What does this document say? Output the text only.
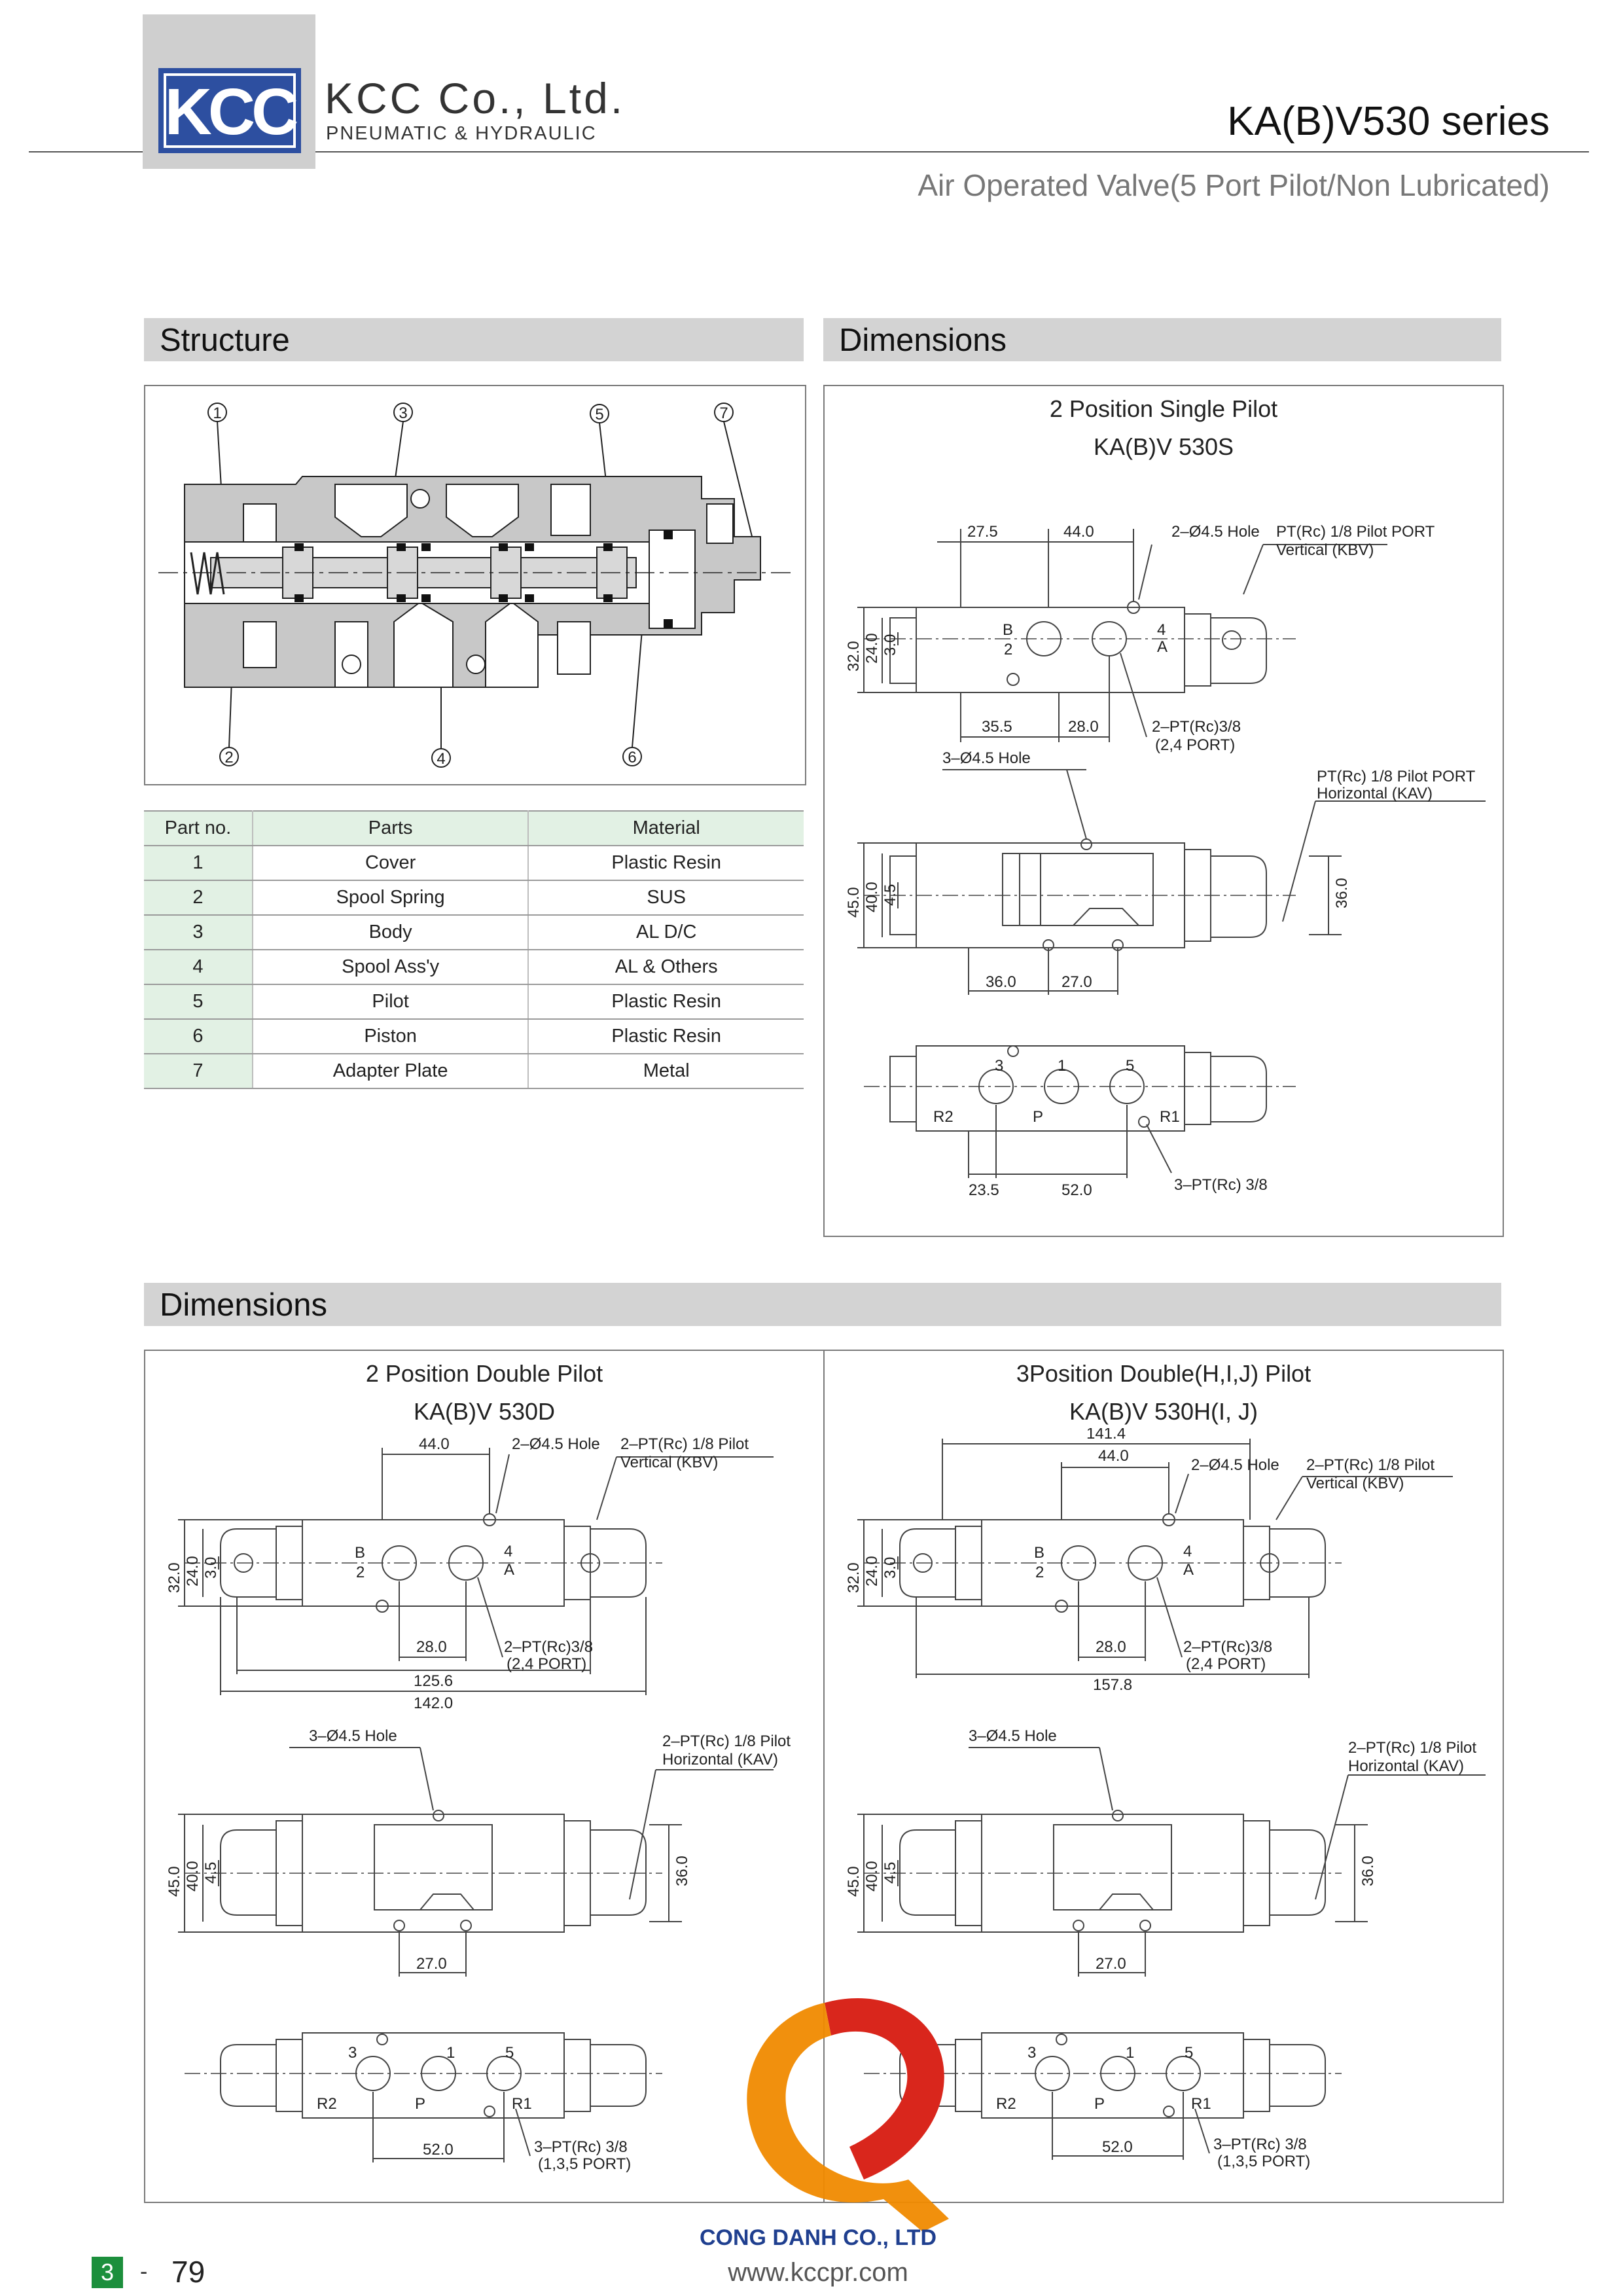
KCC KCC Co., Ltd.
PNEUMATIC & HYDRAULIC	KA(B)V530 series
Air Operated Valve(5 Port Pilot/Non Lubricated)
Structure
1	3	5	7
2	4	6
Part no.	Parts	Material
1	Cover	Plastic Resin
2	Spool Spring	SUS
3	Body	AL D/C
4	Spool Ass'y	AL & Others
5	Pilot	Plastic Resin
6	Piston	Plastic Resin
7	Adapter Plate	Metal
Dimensions
2 Position Single Pilot
KA(B)V 530S
27.5	44.0	2–Ø4.5 Hole PT(Rc) 1/8 Pilot PORT
Vertical (KBV)
32.0 24.0 3.0
B
2
4
A
35.5	28.0	2–PT(Rc)3/8
(2,4 PORT)
3–Ø4.5 Hole
PT(Rc) 1/8 Pilot PORT
Horizontal (KAV)
45.0 40.0 4.5	36.0
36.0	27.0
3	1	5
R2	P	R1
23.5	52.0	3–PT(Rc) 3/8
Dimensions
2 Position Double Pilot
KA(B)V 530D
44.0	2–Ø4.5 Hole 2–PT(Rc) 1/8 Pilot
Vertical (KBV)
32.0 24.0 3.0
B
2
4
A
28.0	2–PT(Rc)3/8
(2,4 PORT)
125.6
142.0
3–Ø4.5 Hole	2–PT(Rc) 1/8 Pilot
Horizontal (KAV)
45.0 40.0 4.5	36.0
27.0
3	1	5
R2	P	R1
52.0	3–PT(Rc) 3/8
(1,3,5 PORT)
3Position Double(H,I,J) Pilot
KA(B)V 530H(I, J)
141.4
44.0
2–Ø4.5 Hole 2–PT(Rc) 1/8 Pilot
Vertical (KBV)
32.0 24.0 3.0
B
2
4
A
28.0	2–PT(Rc)3/8
(2,4 PORT)
157.8
3–Ø4.5 Hole
2–PT(Rc) 1/8 Pilot
Horizontal (KAV)
45.0 40.0 4.5	36.0
27.0
3	1	5
R2	P	R1
52.0	3–PT(Rc) 3/8
(1,3,5 PORT)
CONG DANH CO., LTD
www.kccpr.com
3	- 79
